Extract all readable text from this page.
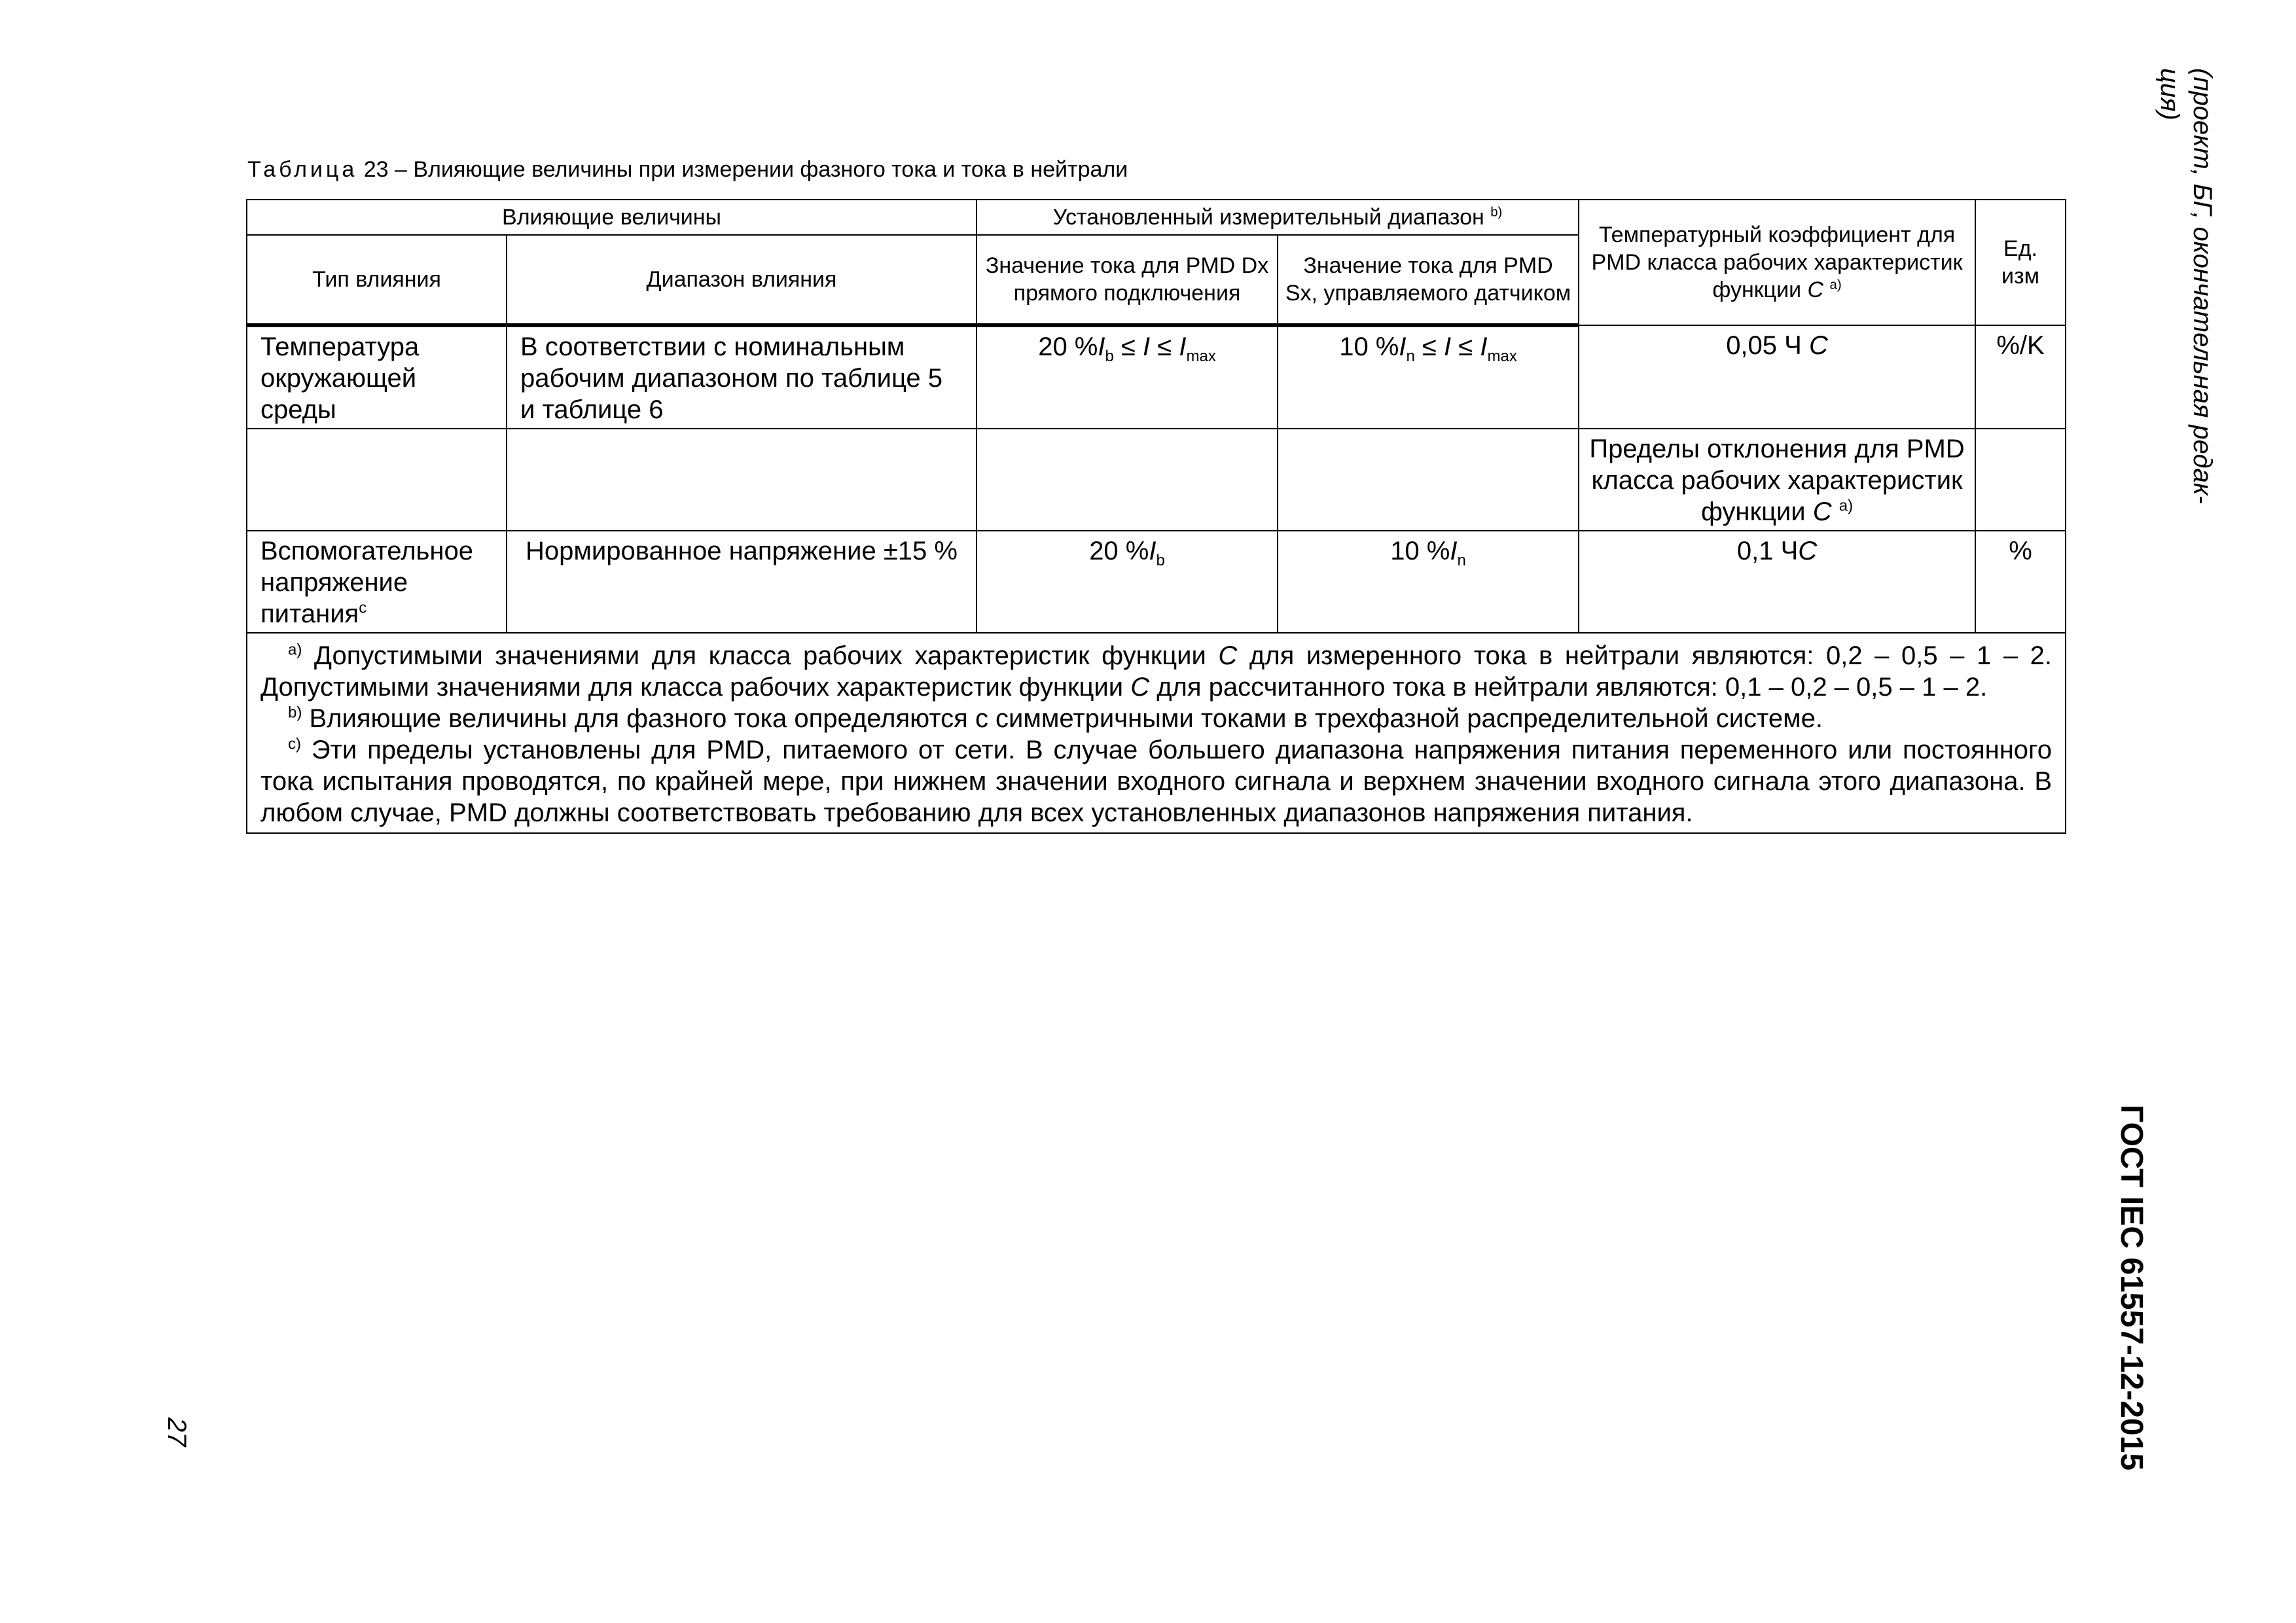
Таблица 23 – Влияющие величины при измерении фазного тока и тока в нейтрали
Влияющие величины		Установленный измерительный диапазон $^{b)}$		Температурный коэффициент для PMD класса рабочих характеристик функции C $^{a)}$	Ед. изм
Тип влияния	Диапазон влияния	Значение тока для PMD Dx прямого подключения	Значение тока для PMD Sx, управляемого датчиком		
Температура окружающей среды	В соответствии с номинальным рабочим диапазоном по таблице 5 и таблице 6	20 $\%I_b \le I \le I_{max}$	10 $\%I_n \le I \le I_{max}$	0,05 Ч C	%/K
				Пределы отклонения для PMD класса рабочих характеристик функции C $^{a)}$	
Вспомогательное напряжение питания$^c$	Нормированное напряжение ±15 %	20 $\%I_b$	10 $\%I_n$	0,1 ЧC	%

$^{a)}$ Допустимыми значениями для класса рабочих характеристик функции C для измеренного тока в нейтрали являются: 0,2 – 0,5 – 1 – 2. Допустимыми значениями для класса рабочих характеристик функции C для рассчитанного тока в нейтрали являются: 0,1 – 0,2 – 0,5 – 1 – 2.

$^{b)}$ Влияющие величины для фазного тока определяются с симметричными токами в трехфазной распределительной системе.

$^{c)}$ Эти пределы установлены для PMD, питаемого от сети. В случае большего диапазона напряжения питания переменного или постоянного тока испытания проводятся, по крайней мере, при нижнем значении входного сигнала и верхнем значении входного сигнала этого диапазона. В любом случае, PMD должны соответствовать требованию для всех установленных диапазонов напряжения питания.					

(проект, БГ, окончательная редак-
ция)
ГОСТ IEC 61557-12-2015
27
